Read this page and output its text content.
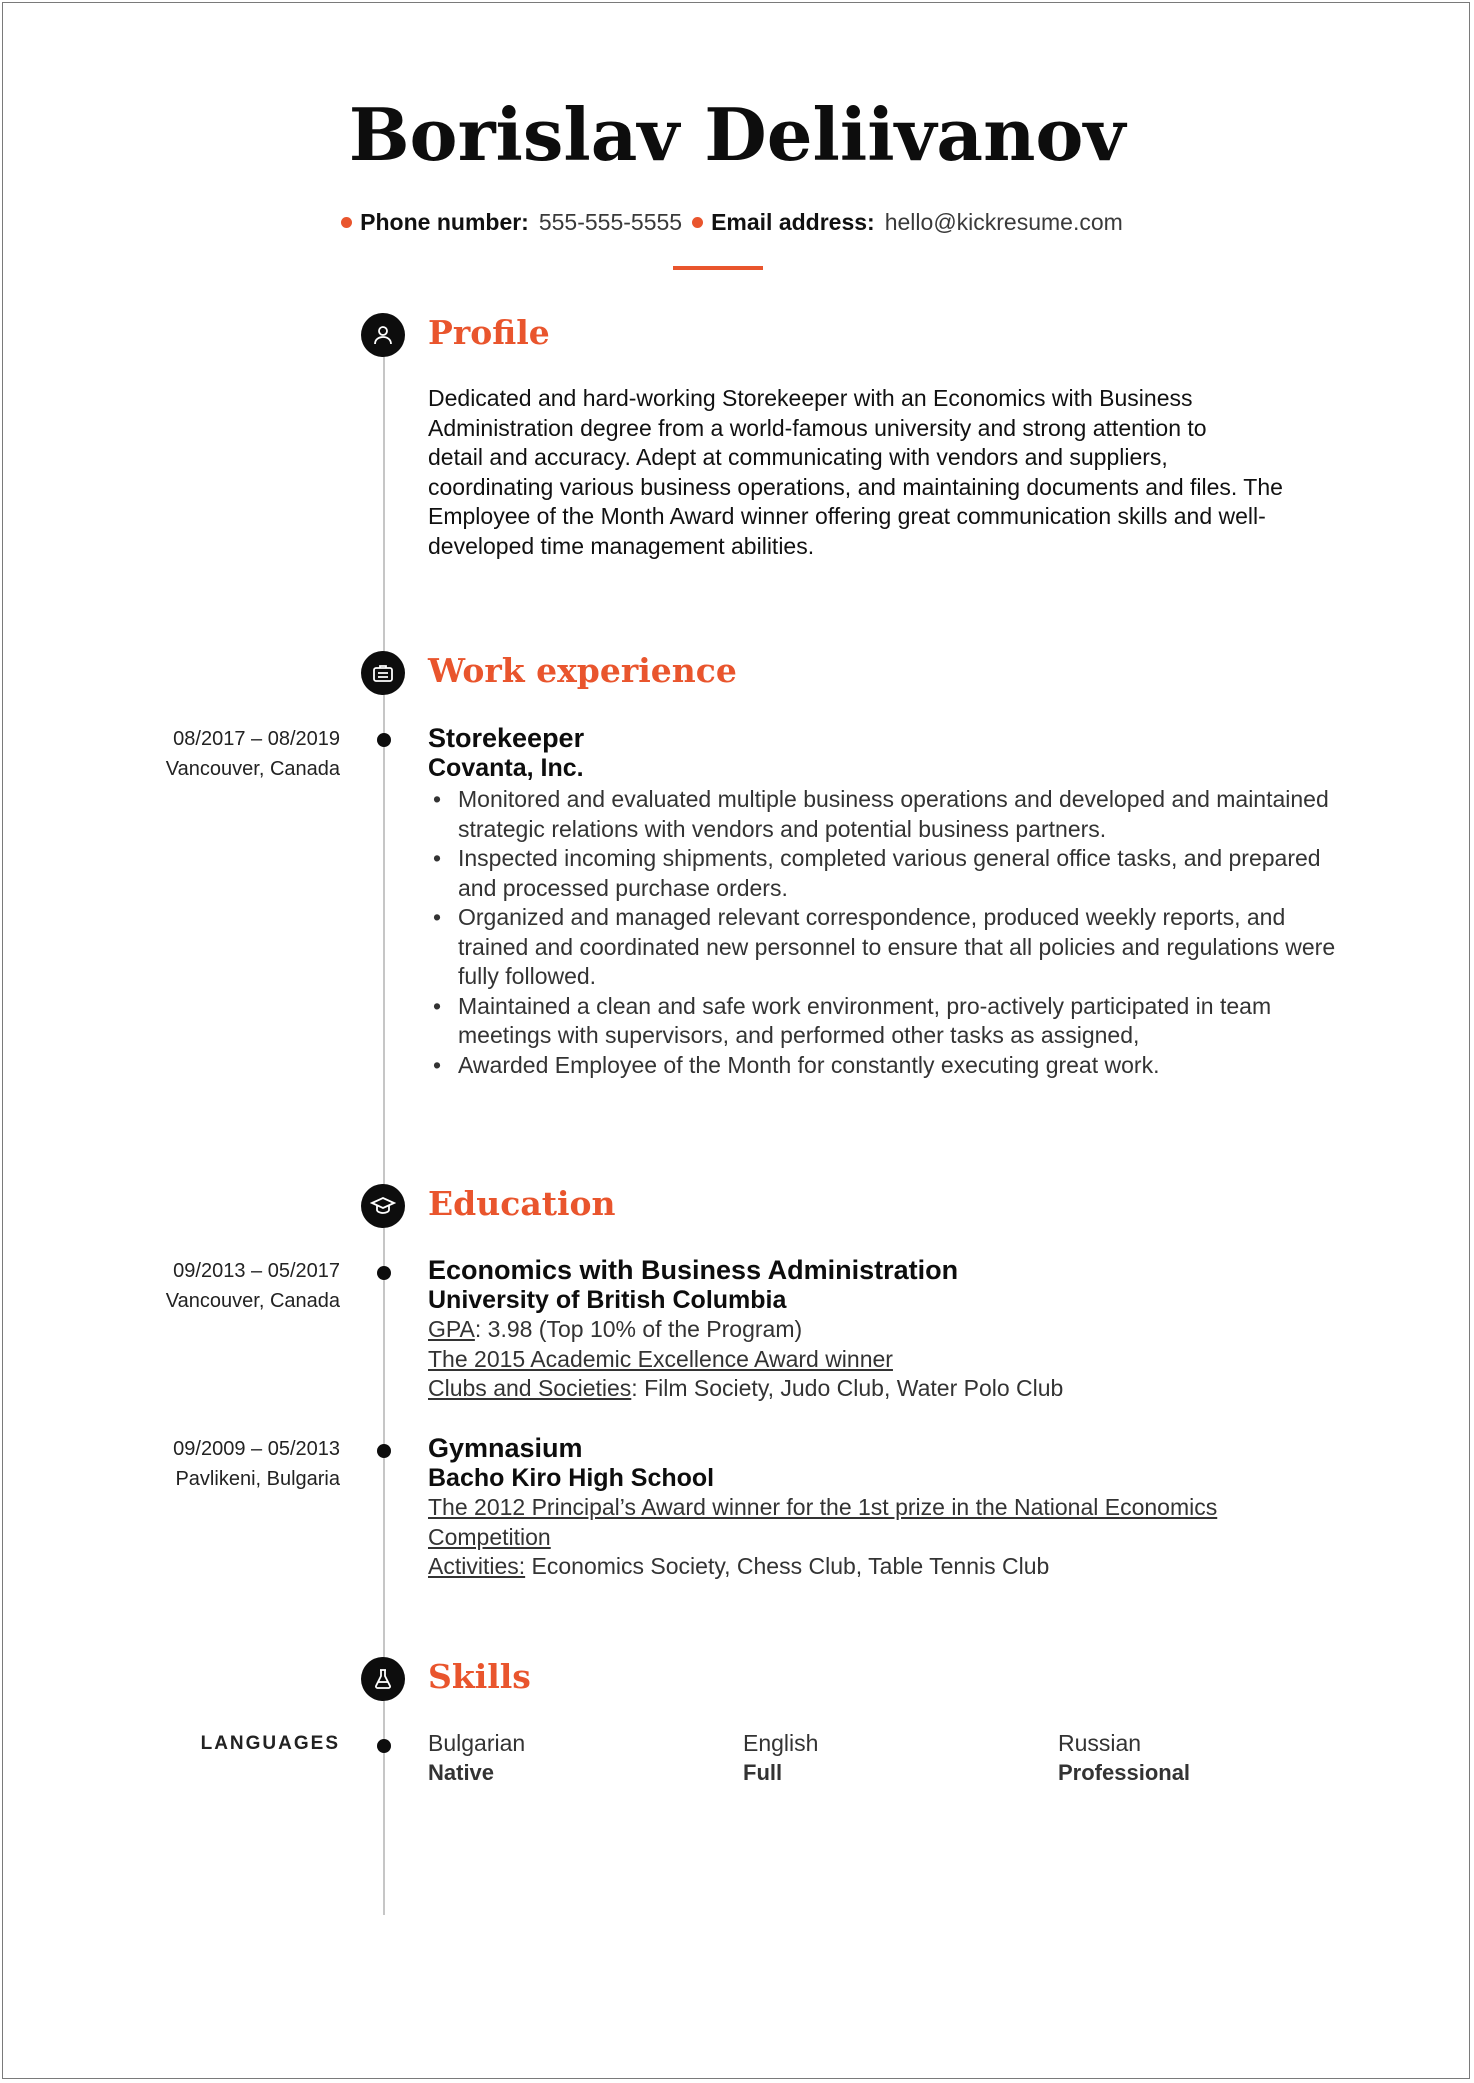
Borislav Deliivanov
Phone number: 555-555-5555 Email address: hello@kickresume.com
Profile

Dedicated and hard-working Storekeeper with an Economics with Business

Administration degree from a world-famous university and strong attention to

detail and accuracy. Adept at communicating with vendors and suppliers,

coordinating various business operations, and maintaining documents and files. The

Employee of the Month Award winner offering great communication skills and well-

developed time management abilities.

Work experience
08/2017 – 08/2019
Vancouver, Canada
Storekeeper
Covanta, Inc.
• Monitored and evaluated multiple business operations and developed and maintained strategic relations with vendors and potential business partners.
• Inspected incoming shipments, completed various general office tasks, and prepared and processed purchase orders.
• Organized and managed relevant correspondence, produced weekly reports, and trained and coordinated new personnel to ensure that all policies and regulations were fully followed.
• Maintained a clean and safe work environment, pro-actively participated in team meetings with supervisors, and performed other tasks as assigned,
• Awarded Employee of the Month for constantly executing great work.
Education
09/2013 – 05/2017
Vancouver, Canada
Economics with Business Administration
University of British Columbia
GPA: 3.98 (Top 10% of the Program)
The 2015 Academic Excellence Award winner
Clubs and Societies: Film Society, Judo Club, Water Polo Club
09/2009 – 05/2013
Pavlikeni, Bulgaria
Gymnasium
Bacho Kiro High School
The 2012 Principal’s Award winner for the 1st prize in the National Economics
Competition
Activities: Economics Society, Chess Club, Table Tennis Club
Skills
LANGUAGES	Bulgarian
Native
English
Full
Russian
Professional
